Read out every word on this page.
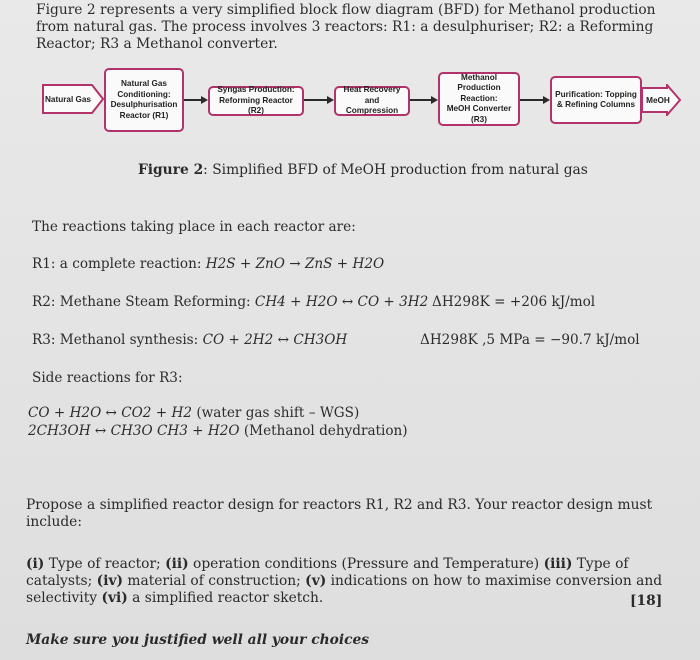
Figure 2 represents a very simplified block flow diagram (BFD) for Methanol production from natural gas. The process involves 3 reactors: R1: a desulphuriser; R2: a Reforming Reactor; R3 a Methanol converter.
Natural Gas
Natural Gas
Conditioning:
Desulphurisation
Reactor (R1)
Syngas Production:
Reforming Reactor (R2)
Heat Recovery and
Compression
Methanol
Production Reaction:
MeOH Converter (R3)
Purification: Topping
& Refining Columns MeOH
Figure 2: Simplified BFD of MeOH production from natural gas
The reactions taking place in each reactor are:
R1: a complete reaction: H2S + ZnO → ZnS + H2O
R2: Methane Steam Reforming: CH4 + H2O ↔ CO + 3H2 ΔH298K = +206 kJ/mol
R3: Methanol synthesis: CO + 2H2 ↔ CH3OH	ΔH298K ,5 MPa = −90.7 kJ/mol
Side reactions for R3:
CO + H2O ↔ CO2 + H2 (water gas shift – WGS)
2CH3OH ↔ CH3O CH3 + H2O (Methanol dehydration)
Propose a simplified reactor design for reactors R1, R2 and R3. Your reactor design must include:
(i) Type of reactor; (ii) operation conditions (Pressure and Temperature) (iii) Type of catalysts; (iv) material of construction; (v) indications on how to maximise conversion and selectivity (vi) a simplified reactor sketch.	[18]
Make sure you justified well all your choices
